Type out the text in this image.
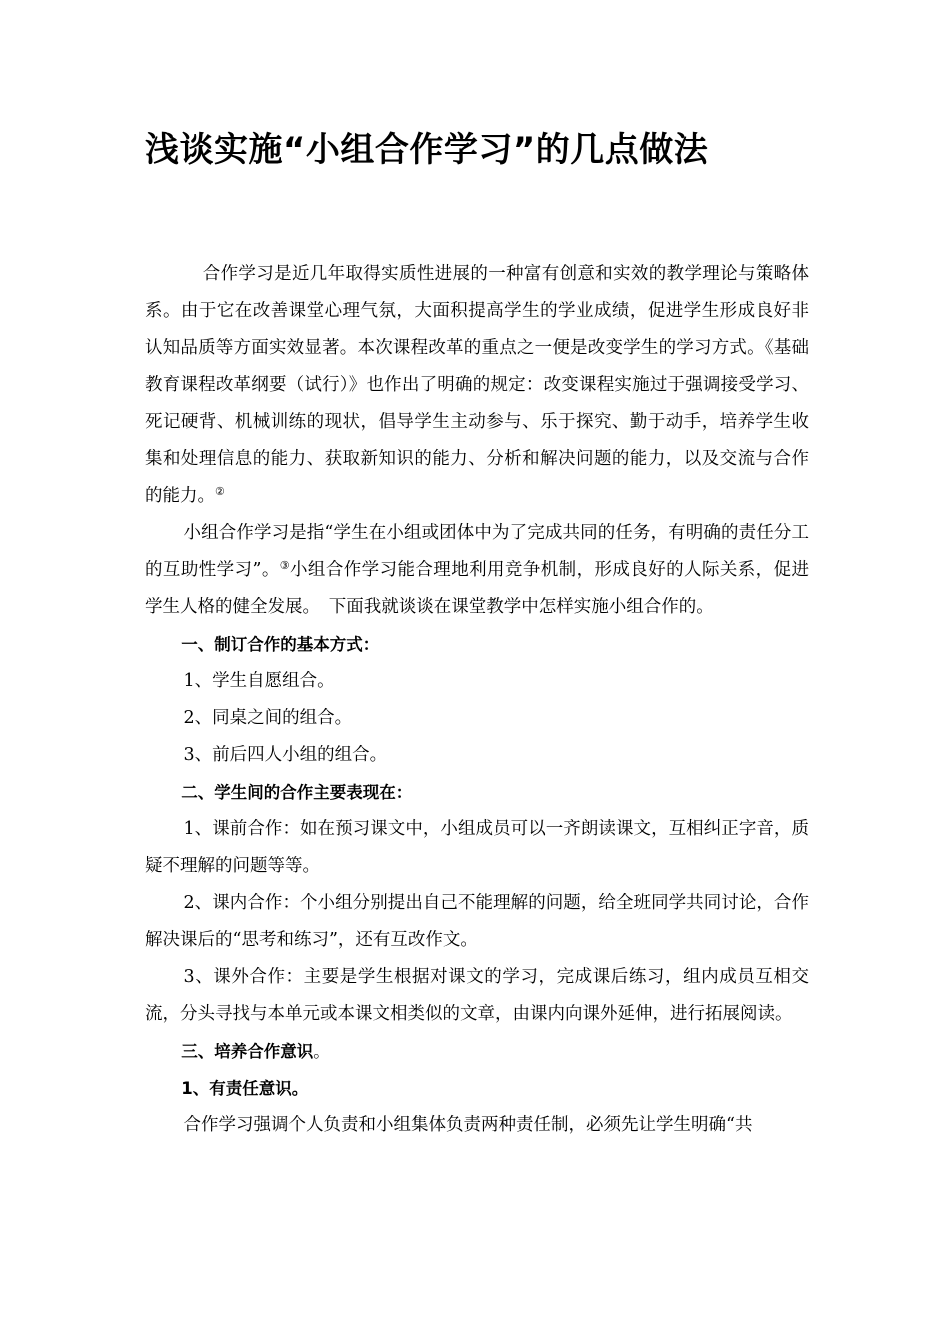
浅谈实施“小组合作学习”的几点做法

合作学习是近几年取得实质性进展的一种富有创意和实效的教学理论与策略体系。由于它在改善课堂心理气氛，大面积提高学生的学业成绩，促进学生形成良好非认知品质等方面实效显著。本次课程改革的重点之一便是改变学生的学习方式。《基础教育课程改革纲要（试行）》也作出了明确的规定：改变课程实施过于强调接受学习、死记硬背、机械训练的现状，倡导学生主动参与、乐于探究、勤于动手，培养学生收集和处理信息的能力、获取新知识的能力、分析和解决问题的能力，以及交流与合作的能力。②

小组合作学习是指“学生在小组或团体中为了完成共同的任务，有明确的责任分工的互助性学习”。③小组合作学习能合理地利用竞争机制，形成良好的人际关系，促进学生人格的健全发展。　下面我就谈谈在课堂教学中怎样实施小组合作的。

一、制订合作的基本方式：

1、学生自愿组合。

2、同桌之间的组合。

3、前后四人小组的组合。

二、学生间的合作主要表现在：

1、课前合作：如在预习课文中，小组成员可以一齐朗读课文，互相纠正字音，质疑不理解的问题等等。

2、课内合作：个小组分别提出自己不能理解的问题，给全班同学共同讨论，合作解决课后的“思考和练习”，还有互改作文。

3、课外合作：主要是学生根据对课文的学习，完成课后练习，组内成员互相交流，分头寻找与本单元或本课文相类似的文章，由课内向课外延伸，进行拓展阅读。

三、培养合作意识。

1、有责任意识。

合作学习强调个人负责和小组集体负责两种责任制，必须先让学生明确“共
